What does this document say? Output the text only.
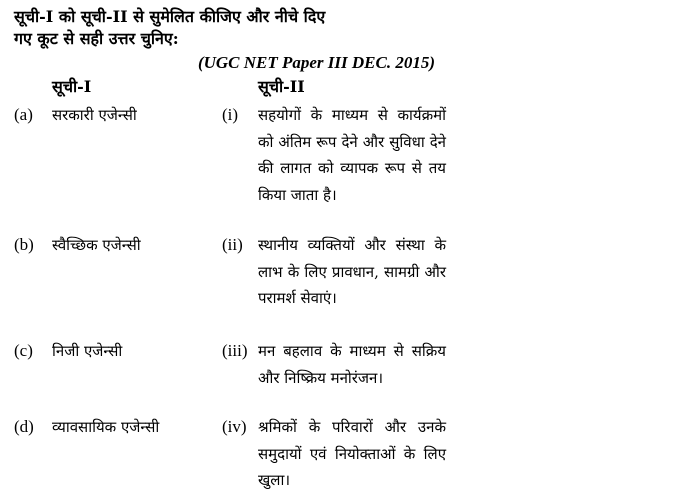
सूची-I को सूची-II से सुमेलित कीजिए और नीचे दिए

गए कूट से सही उत्तर चुनिए:
(UGC NET Paper III DEC. 2015)
सूची-I	सूची-II
(a) सरकारी एजेन्सी	(i) सहयोगों के माध्यम से कार्यक्रमों को अंतिम रूप देने और सुविधा देने की लागत को व्यापक रूप से तय किया जाता है।
(b) स्वैच्छिक एजेन्सी	(ii) स्थानीय व्यक्तियों और संस्था के लाभ के लिए प्रावधान, सामग्री और परामर्श सेवाएं।
(c) निजी एजेन्सी	(iii) मन बहलाव के माध्यम से सक्रिय और निष्क्रिय मनोरंजन।
(d) व्यावसायिक एजेन्सी	(iv) श्रमिकों के परिवारों और उनके समुदायों एवं नियोक्ताओं के लिए खुला।
